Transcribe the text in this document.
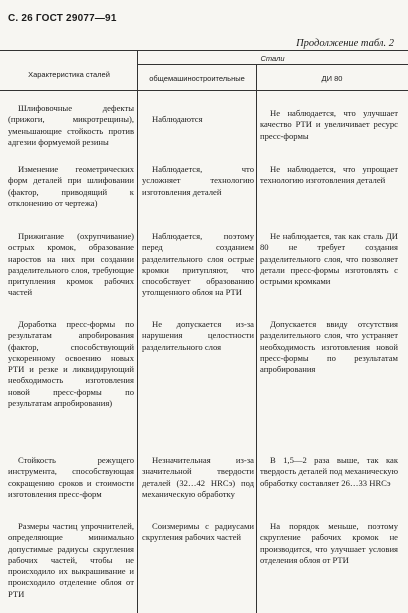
С. 26 ГОСТ 29077—91
Продолжение табл. 2
Характеристика сталей
Стали
общемашиностроительные	ДИ 80
Шлифовочные дефекты (прижоги, микротрещины), уменьшающие стойкость против адгезии формуемой резины
Наблюдаются
Не наблюдается, что улучшает качество РТИ и увеличивает ресурс пресс-формы
Изменение геометрических форм деталей при шлифовании (фактор, приводящий к отклонению от чертежа)
Наблюдается, что усложняет технологию изготовления деталей
Не наблюдается, что упрощает технологию изготовления деталей
Прижигание (охрупчивание) острых кромок, образование наростов на них при создании разделительного слоя, требующие притупления кромок рабочих частей
Наблюдается, поэтому перед созданием разделительного слоя острые кромки притупляют, что способствует образованию утолщенного облоя на РТИ
Не наблюдается, так как сталь ДИ 80 не требует создания разделительного слоя, что позволяет детали пресс-формы изготовлять с острыми кромками
Доработка пресс-формы по результатам апробирования (фактор, способствующий ускоренному освоению новых РТИ и резке и ликвидирующий необходимость изготовления новой пресс-формы по результатам апробирования)
Не допускается из-за нарушения целостности разделительного слоя
Допускается ввиду отсутствия разделительного слоя, что устраняет необходимость изготовления новой пресс-формы по результатам апробирования
Стойкость режущего инструмента, способствующая сокращению сроков и стоимости изготовления пресс-форм
Незначительная из-за значительной твердости деталей (32…42 HRCэ) под механическую обработку
В 1,5—2 раза выше, так как твердость деталей под механическую обработку составляет 26…33 HRCэ
Размеры частиц упрочнителей, определяющие минимально допустимые радиусы скругления рабочих частей, чтобы не происходило их выкрашивание и происходило отделение облоя от РТИ
Соизмеримы с радиусами скругления рабочих частей
На порядок меньше, поэтому скругление рабочих кромок не производится, что улучшает условия отделения облоя от РТИ
